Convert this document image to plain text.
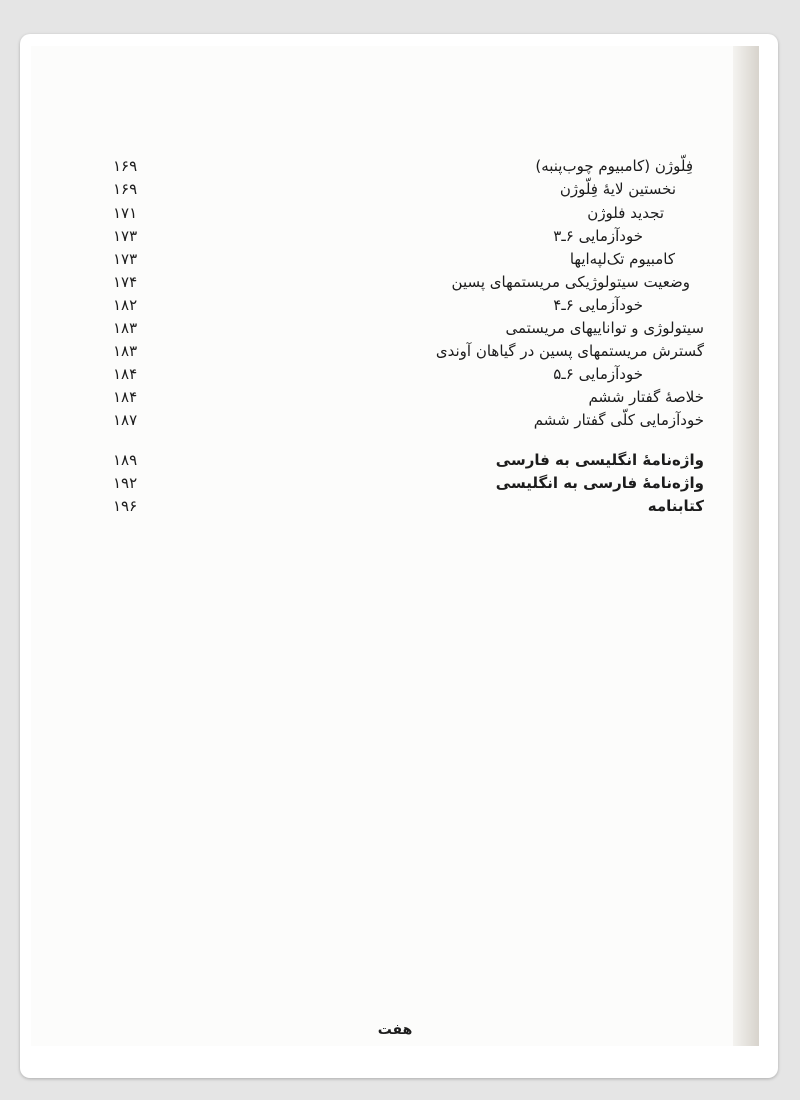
فِلّوژن (کامبیوم چوب‌پنبه)
۱۶۹
نخستین لایهٔ فِلّوژن
۱۶۹
تجدید فلوژن
۱۷۱
خودآزمایی ۶ـ۳
۱۷۳
کامبیوم تک‌لپه‌ایها
۱۷۳
وضعیت سیتولوژیکی مریستمهای پسین
۱۷۴
خودآزمایی ۶ـ۴
۱۸۲
سیتولوژی و تواناییهای مریستمی
۱۸۳
گسترش مریستمهای پسین در گیاهان آوندی
۱۸۳
خودآزمایی ۶ـ۵
۱۸۴
خلاصهٔ گفتار ششم
۱۸۴
خودآزمایی کلّی گفتار ششم
۱۸۷
واژه‌نامهٔ انگلیسی به فارسی
۱۸۹
واژه‌نامهٔ فارسی به انگلیسی
۱۹۲
کتابنامه
۱۹۶
هفت
